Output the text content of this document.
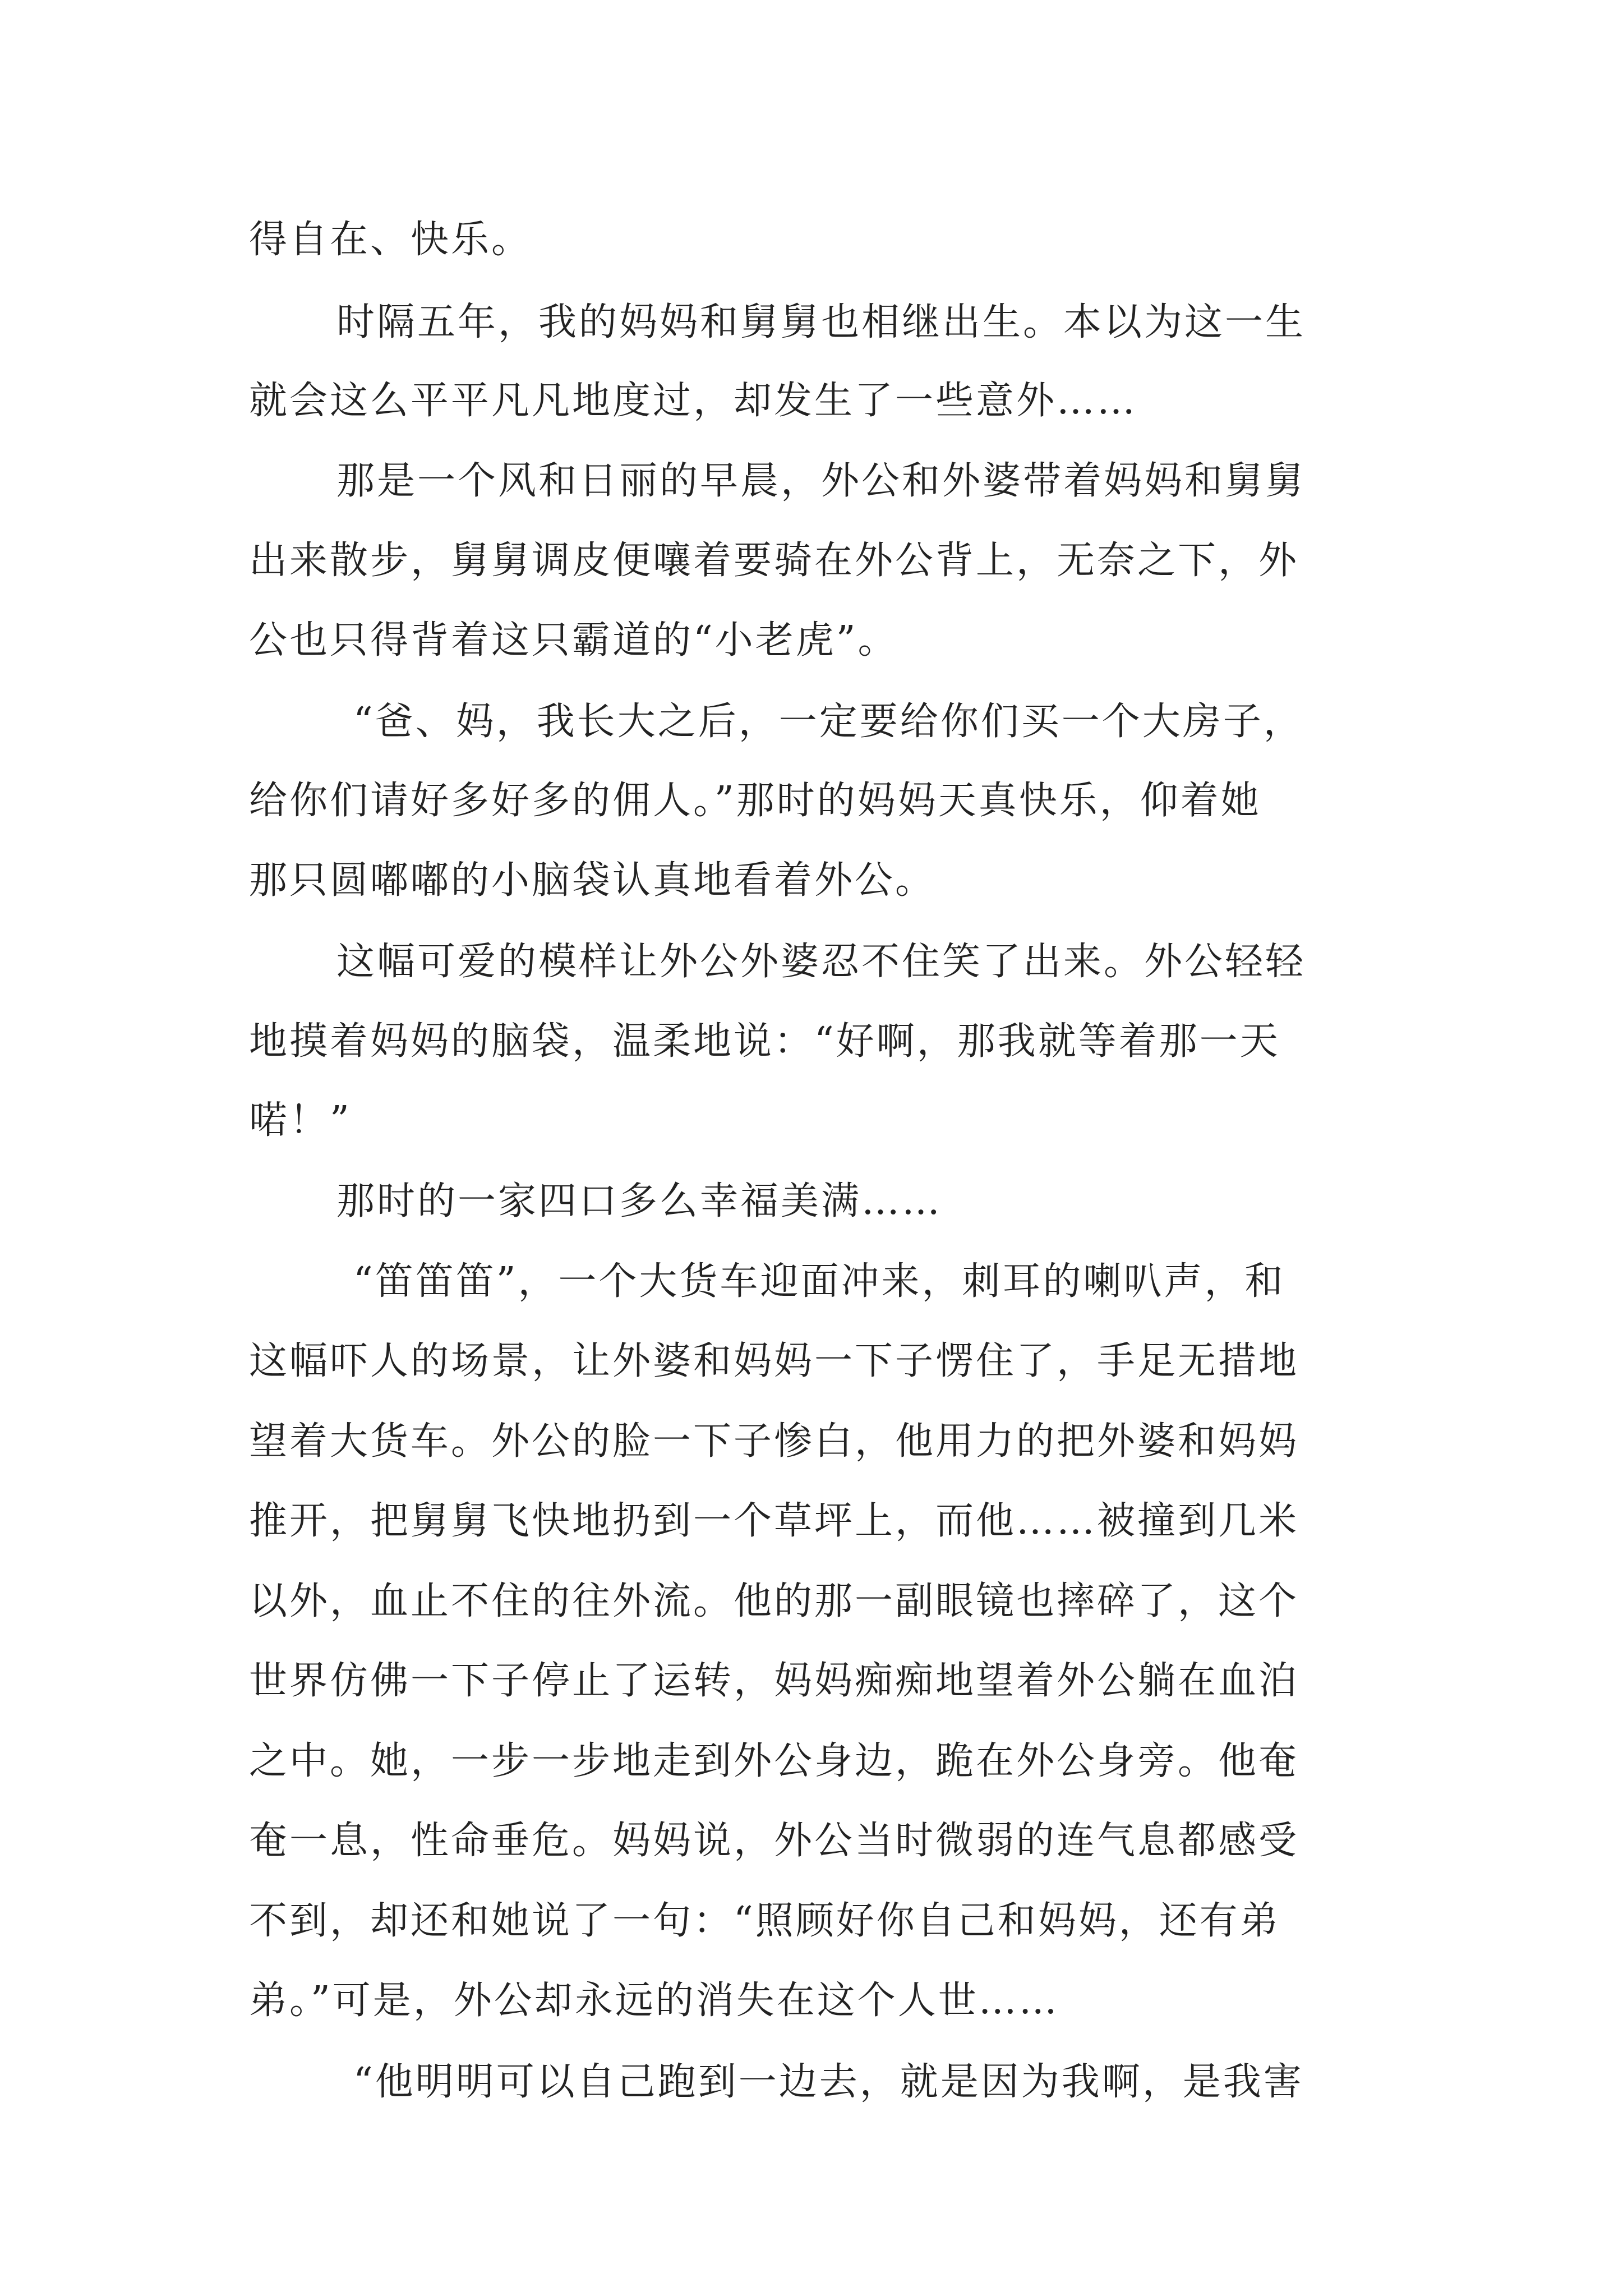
得自在、快乐。
时隔五年，我的妈妈和舅舅也相继出生。本以为这一生
就会这么平平凡凡地度过，却发生了一些意外……
那是一个风和日丽的早晨，外公和外婆带着妈妈和舅舅
出来散步，舅舅调皮便嚷着要骑在外公背上，无奈之下，外
公也只得背着这只霸道的“小老虎”。
“爸、妈，我长大之后，一定要给你们买一个大房子，
给你们请好多好多的佣人。”那时的妈妈天真快乐，仰着她
那只圆嘟嘟的小脑袋认真地看着外公。
这幅可爱的模样让外公外婆忍不住笑了出来。外公轻轻
地摸着妈妈的脑袋，温柔地说：“好啊，那我就等着那一天
喏！”
那时的一家四口多么幸福美满……
“笛笛笛”，一个大货车迎面冲来，刺耳的喇叭声，和
这幅吓人的场景，让外婆和妈妈一下子愣住了，手足无措地
望着大货车。外公的脸一下子惨白，他用力的把外婆和妈妈
推开，把舅舅飞快地扔到一个草坪上，而他……被撞到几米
以外，血止不住的往外流。他的那一副眼镜也摔碎了，这个
世界仿佛一下子停止了运转，妈妈痴痴地望着外公躺在血泊
之中。她，一步一步地走到外公身边，跪在外公身旁。他奄
奄一息，性命垂危。妈妈说，外公当时微弱的连气息都感受
不到，却还和她说了一句：“照顾好你自己和妈妈，还有弟
弟。”可是，外公却永远的消失在这个人世……
“他明明可以自己跑到一边去，就是因为我啊，是我害
